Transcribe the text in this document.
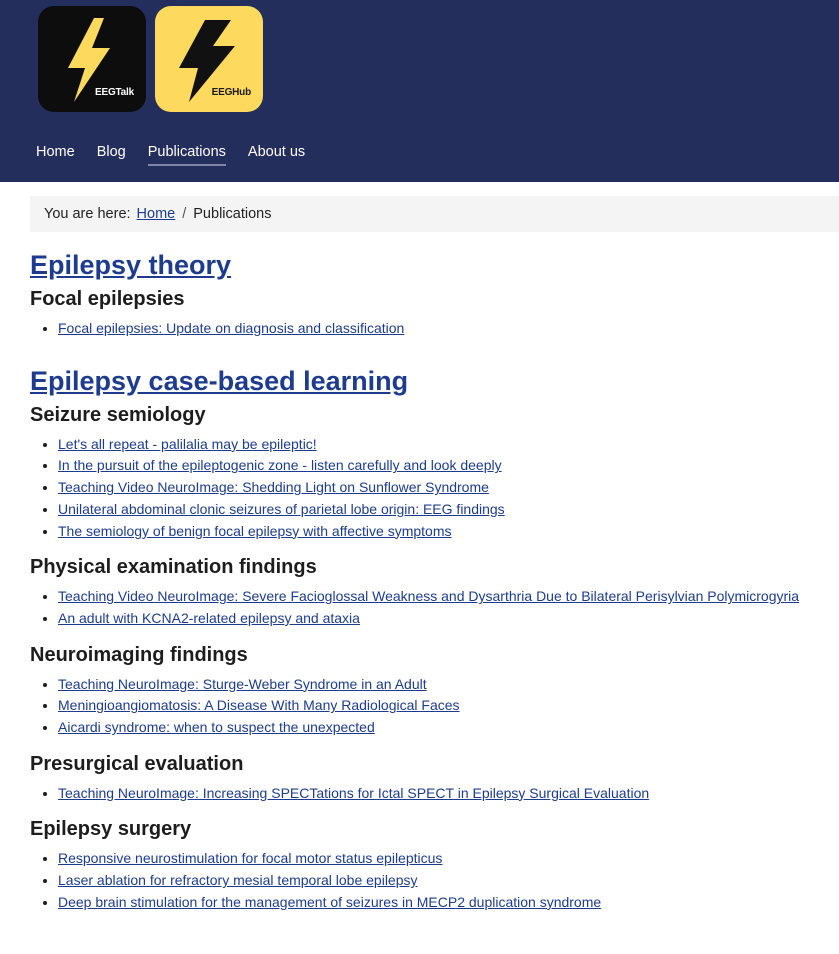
EEGTalk	EEGHub
Home Blog Publications About us
You are here: Home / Publications
Epilepsy theory
Focal epilepsies
• Focal epilepsies: Update on diagnosis and classification
Epilepsy case-based learning
Seizure semiology
• Let's all repeat - palilalia may be epileptic!
• In the pursuit of the epileptogenic zone - listen carefully and look deeply
• Teaching Video NeuroImage: Shedding Light on Sunflower Syndrome
• Unilateral abdominal clonic seizures of parietal lobe origin: EEG findings
• The semiology of benign focal epilepsy with affective symptoms
Physical examination findings
• Teaching Video NeuroImage: Severe Facioglossal Weakness and Dysarthria Due to Bilateral Perisylvian Polymicrogyria
• An adult with KCNA2-related epilepsy and ataxia
Neuroimaging findings
• Teaching NeuroImage: Sturge-Weber Syndrome in an Adult
• Meningioangiomatosis: A Disease With Many Radiological Faces
• Aicardi syndrome: when to suspect the unexpected
Presurgical evaluation
• Teaching NeuroImage: Increasing SPECTations for Ictal SPECT in Epilepsy Surgical Evaluation
Epilepsy surgery
• Responsive neurostimulation for focal motor status epilepticus
• Laser ablation for refractory mesial temporal lobe epilepsy
• Deep brain stimulation for the management of seizures in MECP2 duplication syndrome
